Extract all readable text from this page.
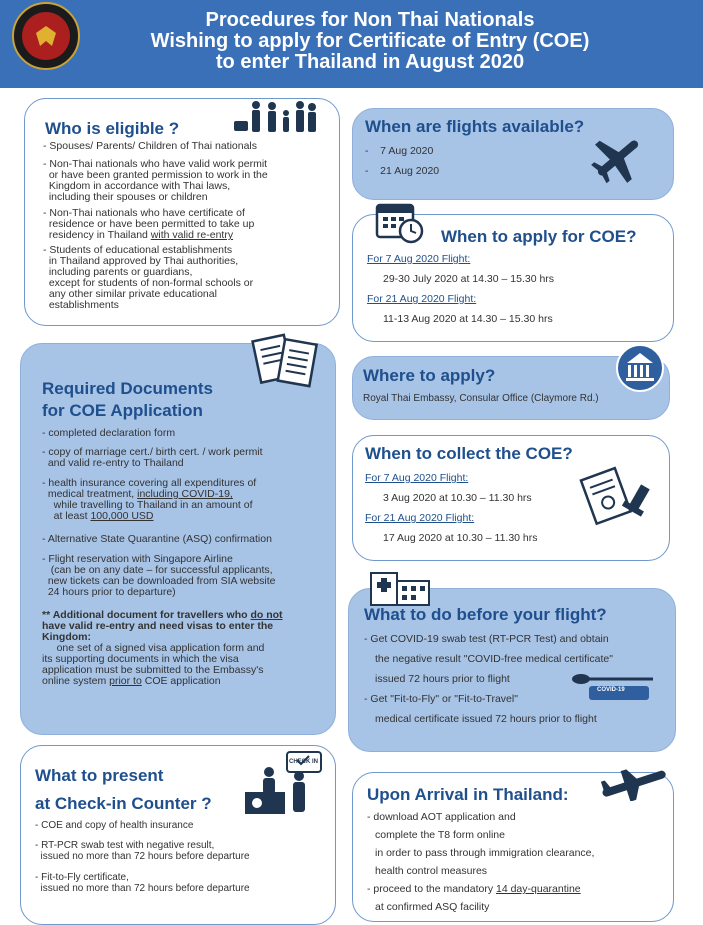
Procedures for Non Thai Nationals
Wishing to apply for Certificate of Entry (COE)
to enter Thailand in August 2020
Who is eligible ?
- Spouses/ Parents/ Children of Thai nationals
- Non-Thai nationals who have valid work permit
or have been granted permission to work in the
Kingdom in accordance with Thai laws,
including their spouses or children
- Non-Thai nationals who have certificate of
residence or have been permitted to take up
residency in Thailand with valid re-entry
- Students of educational establishments
in Thailand approved by Thai authorities,
including parents or guardians,
except for students of non-formal schools or
any other similar private educational
establishments
When are flights available?
-    7 Aug 2020
-    21 Aug 2020
When to apply for COE?
For 7 Aug 2020 Flight:
29-30 July 2020 at 14.30 – 15.30 hrs
For 21 Aug 2020 Flight:
11-13 Aug 2020 at 14.30 – 15.30 hrs
Required Documents
for COE Application
- completed declaration form
- copy of marriage cert./ birth cert. / work permit
and valid re-entry to Thailand
- health insurance covering all expenditures of
medical treatment, including COVID-19,
while travelling to Thailand in an amount of
at least 100,000 USD
- Alternative State Quarantine (ASQ) confirmation
- Flight reservation with Singapore Airline
(can be on any date – for successful applicants,
new tickets can be downloaded from SIA website
24 hours prior to departure)
** Additional document for travellers who do not
have valid re-entry and need visas to enter the
Kingdom:
one set of a signed visa application form and
its supporting documents in which the visa
application must be submitted to the Embassy's
online system prior to COE application
Where to apply?
Royal Thai Embassy, Consular Office (Claymore Rd.)
When to collect the COE?
For 7 Aug 2020 Flight:
3 Aug 2020 at 10.30 – 11.30 hrs
For 21 Aug 2020 Flight:
17 Aug 2020 at 10.30 – 11.30 hrs
What to do before your flight?
- Get COVID-19 swab test (RT-PCR Test) and obtain
the negative result "COVID-free medical certificate"
issued 72 hours prior to flight
- Get "Fit-to-Fly" or "Fit-to-Travel"
medical certificate issued 72 hours prior to flight
COVID-19
What to present
at Check-in Counter ?
CHECK IN
- COE and copy of health insurance
- RT-PCR swab test with negative result,
issued no more than 72 hours before departure
- Fit-to-Fly certificate,
issued no more than 72 hours before departure
Upon Arrival in Thailand:
- download AOT application and
complete the T8 form online
in order to pass through immigration clearance,
health control measures
- proceed to the mandatory 14 day-quarantine
at confirmed ASQ facility
